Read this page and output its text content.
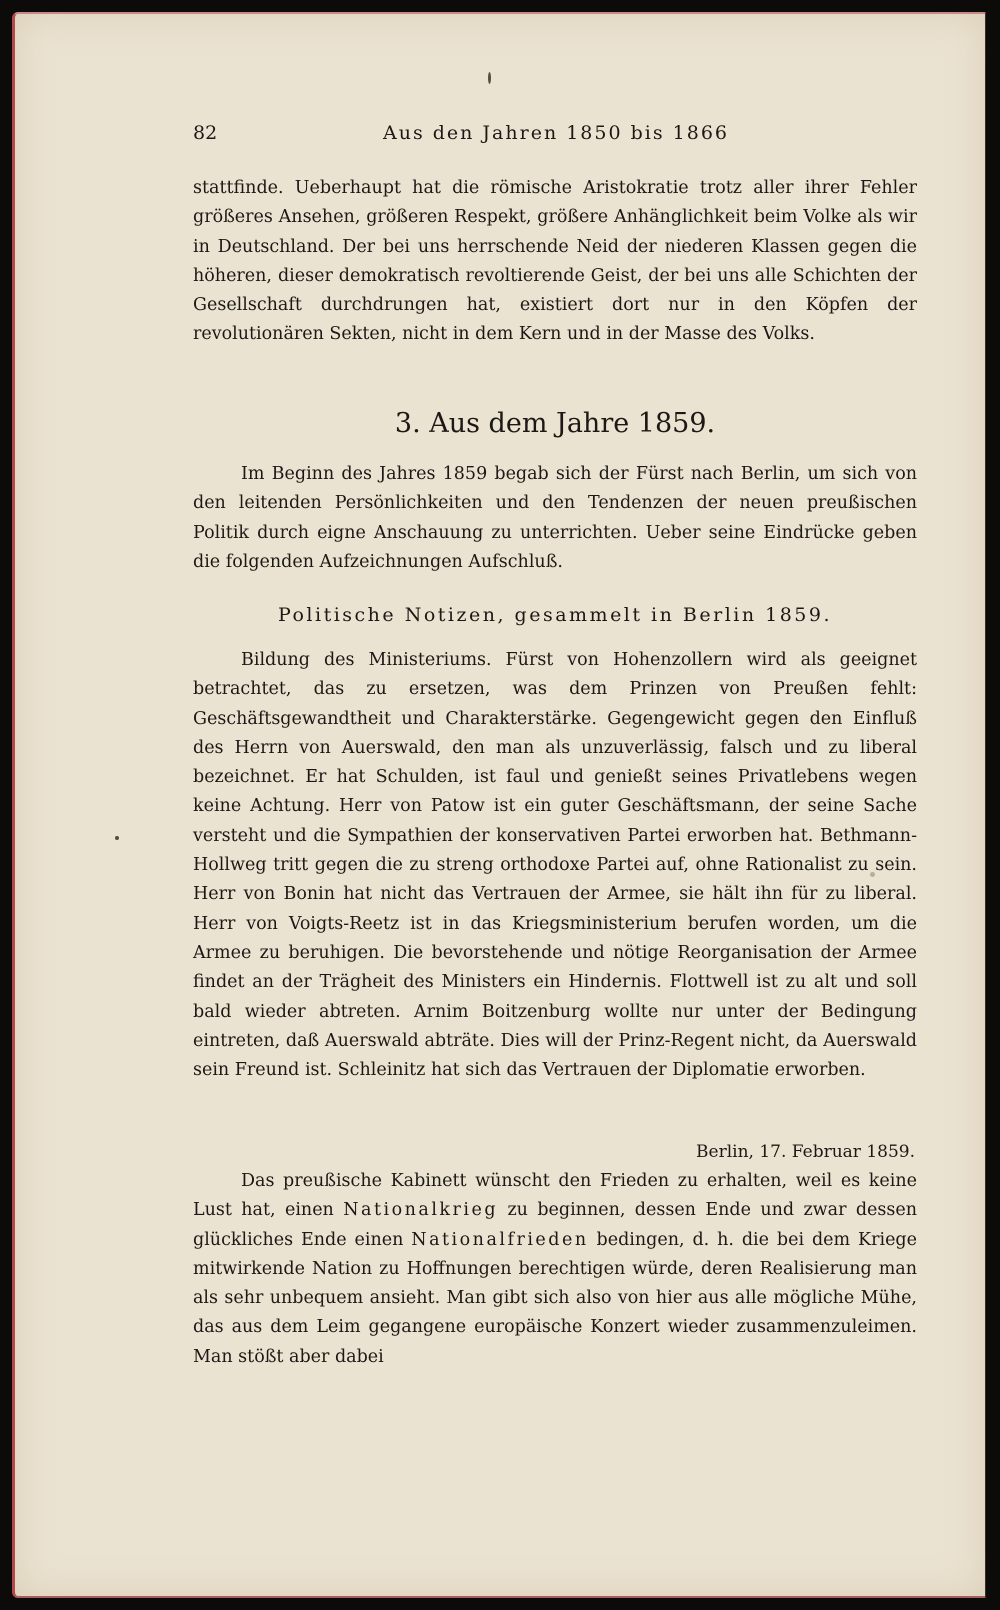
82	Aus den Jahren 1850 bis 1866

stattfinde. Ueberhaupt hat die römische Aristokratie trotz aller ihrer Fehler größeres Ansehen, größeren Respekt, größere Anhänglichkeit beim Volke als wir in Deutschland. Der bei uns herrschende Neid der niederen Klassen gegen die höheren, dieser demokratisch revoltierende Geist, der bei uns alle Schichten der Gesellschaft durchdrungen hat, existiert dort nur in den Köpfen der revolutionären Sekten, nicht in dem Kern und in der Masse des Volks.

3. Aus dem Jahre 1859.

Im Beginn des Jahres 1859 begab sich der Fürst nach Berlin, um sich von den leitenden Persönlichkeiten und den Tendenzen der neuen preußischen Politik durch eigne Anschauung zu unterrichten. Ueber seine Eindrücke geben die folgenden Aufzeichnungen Aufschluß.

Politische Notizen, gesammelt in Berlin 1859.

Bildung des Ministeriums. Fürst von Hohenzollern wird als geeignet betrachtet, das zu ersetzen, was dem Prinzen von Preußen fehlt: Geschäftsgewandtheit und Charakterstärke. Gegengewicht gegen den Einfluß des Herrn von Auerswald, den man als unzuverlässig, falsch und zu liberal bezeichnet. Er hat Schulden, ist faul und genießt seines Privatlebens wegen keine Achtung. Herr von Patow ist ein guter Geschäftsmann, der seine Sache versteht und die Sympathien der konservativen Partei erworben hat. Bethmann-Hollweg tritt gegen die zu streng orthodoxe Partei auf, ohne Rationalist zu sein. Herr von Bonin hat nicht das Vertrauen der Armee, sie hält ihn für zu liberal. Herr von Voigts-Reetz ist in das Kriegsministerium berufen worden, um die Armee zu beruhigen. Die bevorstehende und nötige Reorganisation der Armee findet an der Trägheit des Ministers ein Hindernis. Flottwell ist zu alt und soll bald wieder abtreten. Arnim Boitzenburg wollte nur unter der Bedingung eintreten, daß Auerswald abträte. Dies will der Prinz-Regent nicht, da Auerswald sein Freund ist. Schleinitz hat sich das Vertrauen der Diplomatie erworben.

Berlin, 17. Februar 1859.

Das preußische Kabinett wünscht den Frieden zu erhalten, weil es keine Lust hat, einen Nationalkrieg zu beginnen, dessen Ende und zwar dessen glückliches Ende einen Nationalfrieden bedingen, d. h. die bei dem Kriege mitwirkende Nation zu Hoffnungen berechtigen würde, deren Realisierung man als sehr unbequem ansieht. Man gibt sich also von hier aus alle mögliche Mühe, das aus dem Leim gegangene europäische Konzert wieder zusammenzuleimen. Man stößt aber dabei
